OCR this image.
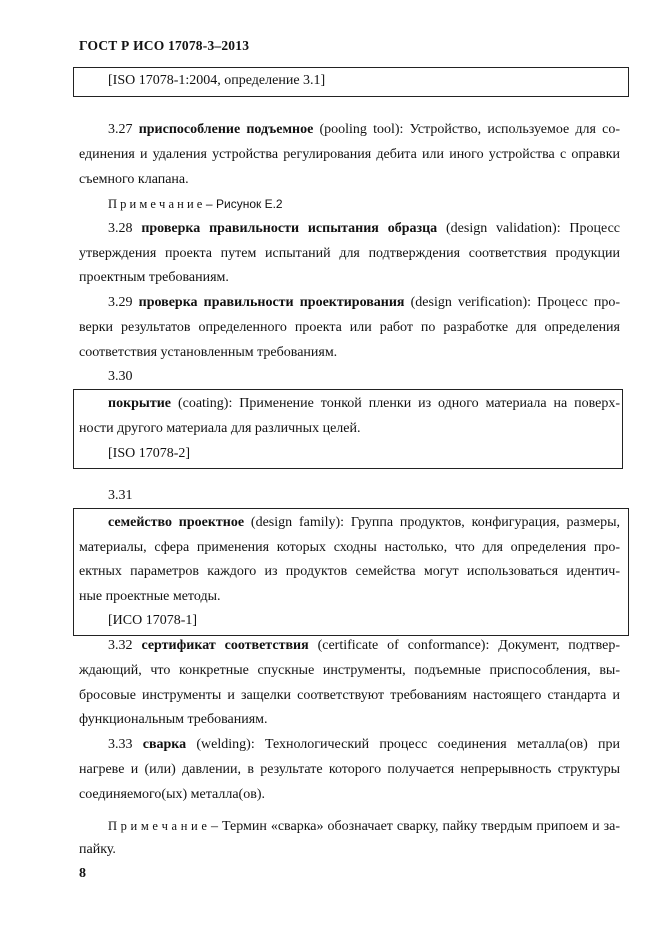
ГОСТ Р ИСО 17078-3–2013
[ISO 17078-1:2004, определение 3.1]
3.27 приспособление подъемное (pooling tool): Устройство, используемое для со-
единения и удаления устройства регулирования дебита или иного устройства с оправки
съемного клапана.
П р и м е ч а н и е – Рисунок Е.2
3.28 проверка правильности испытания образца (design validation): Процесс
утверждения проекта путем испытаний для подтверждения соответствия продукции
проектным требованиям.
3.29 проверка правильности проектирования (design verification): Процесс про-
верки результатов определенного проекта или работ по разработке для определения
соответствия установленным требованиям.
3.30
покрытие (coating): Применение тонкой пленки из одного материала на поверх-
ности другого материала для различных целей.
[ISO 17078-2]
3.31
семейство проектное (design family): Группа продуктов, конфигурация, размеры,
материалы, сфера применения которых сходны настолько, что для определения про-
ектных параметров каждого из продуктов семейства могут использоваться идентич-
ные проектные методы.
[ИСО 17078-1]
3.32 сертификат соответствия (certificate of conformance): Документ, подтвер-
ждающий, что конкретные спускные инструменты, подъемные приспособления, вы-
бросовые инструменты и защелки соответствуют требованиям настоящего стандарта и
функциональным требованиям.
3.33 сварка (welding): Технологический процесс соединения металла(ов) при
нагреве и (или) давлении, в результате которого получается непрерывность структуры
соединяемого(ых) металла(ов).
П р и м е ч а н и е – Термин «сварка» обозначает сварку, пайку твердым припоем и за-
пайку.
8
